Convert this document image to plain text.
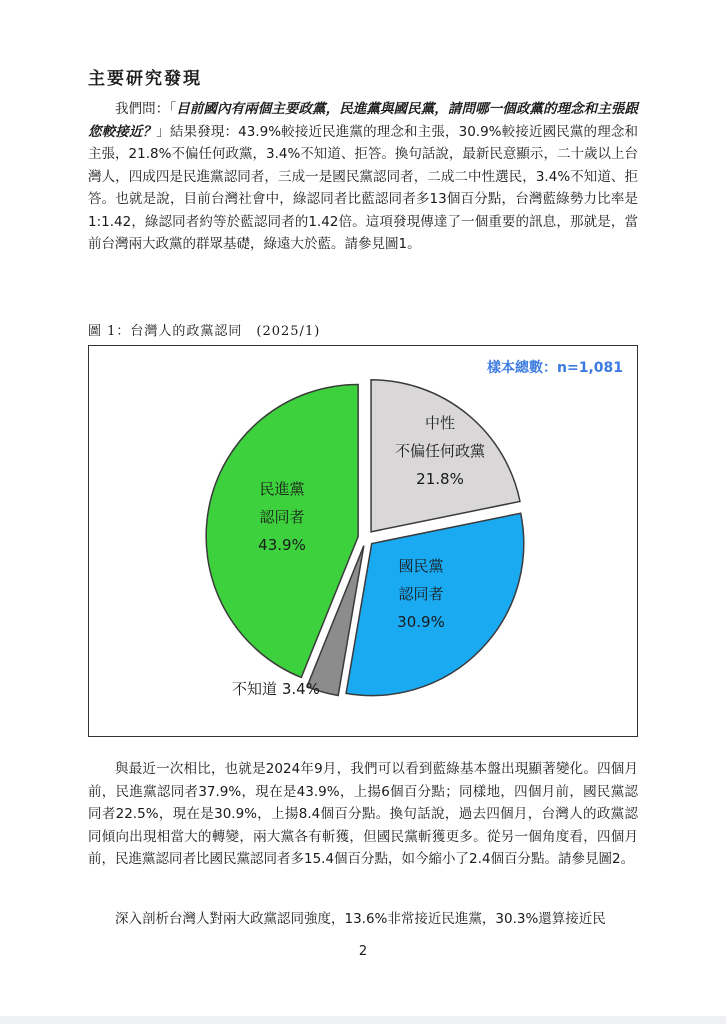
主要研究發現

我們問：「目前國內有兩個主要政黨，民進黨與國民黨，請問哪一個政黨的理念和主張跟您較接近？」結果發現：43.9%較接近民進黨的理念和主張，30.9%較接近國民黨的理念和主張，21.8%不偏任何政黨，3.4%不知道、拒答。換句話說，最新民意顯示，二十歲以上台灣人，四成四是民進黨認同者，三成一是國民黨認同者，二成二中性選民，3.4%不知道、拒答。也就是說，目前台灣社會中，綠認同者比藍認同者多13個百分點，台灣藍綠勢力比率是1:1.42，綠認同者約等於藍認同者的1.42倍。這項發現傳達了一個重要的訊息，那就是，當前台灣兩大政黨的群眾基礎，綠遠大於藍。請參見圖1。

圖 1：台灣人的政黨認同 (2025/1)
樣本總數：n=1,081
中性
不偏任何政黨
21.8%
國民黨
認同者
30.9%
不知道 3.4%
民進黨
認同者
43.9%

與最近一次相比，也就是2024年9月，我們可以看到藍綠基本盤出現顯著變化。四個月前，民進黨認同者37.9%，現在是43.9%，上揚6個百分點；同樣地，四個月前，國民黨認同者22.5%，現在是30.9%，上揚8.4個百分點。換句話說，過去四個月，台灣人的政黨認同傾向出現相當大的轉變，兩大黨各有斬獲，但國民黨斬獲更多。從另一個角度看，四個月前，民進黨認同者比國民黨認同者多15.4個百分點，如今縮小了2.4個百分點。請參見圖2。

深入剖析台灣人對兩大政黨認同強度，13.6%非常接近民進黨，30.3%還算接近民

2
